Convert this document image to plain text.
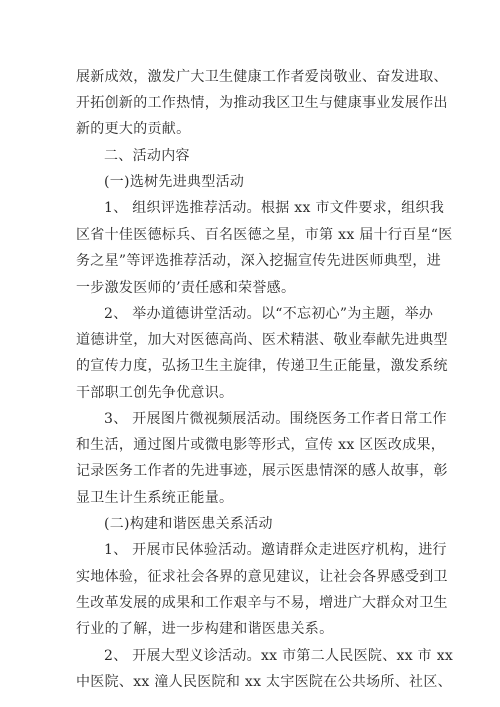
展新成效，激发广大卫生健康工作者爱岗敬业、奋发进取、
开拓创新的工作热情，为推动我区卫生与健康事业发展作出
新的更大的贡献。
二、活动内容
(一)选树先进典型活动
1、 组织评选推荐活动。根据 xx 市文件要求，组织我
区省十佳医德标兵、百名医德之星，市第 xx 届十行百星“医
务之星”等评选推荐活动，深入挖掘宣传先进医师典型，进
一步激发医师的’责任感和荣誉感。
2、 举办道德讲堂活动。以“不忘初心”为主题，举办
道德讲堂，加大对医德高尚、医术精湛、敬业奉献先进典型
的宣传力度，弘扬卫生主旋律，传递卫生正能量，激发系统
干部职工创先争优意识。
3、 开展图片微视频展活动。围绕医务工作者日常工作
和生活，通过图片或微电影等形式，宣传 xx 区医改成果，
记录医务工作者的先进事迹，展示医患情深的感人故事，彰
显卫生计生系统正能量。
(二)构建和谐医患关系活动
1、 开展市民体验活动。邀请群众走进医疗机构，进行
实地体验，征求社会各界的意见建议，让社会各界感受到卫
生改革发展的成果和工作艰辛与不易，增进广大群众对卫生
行业的了解，进一步构建和谐医患关系。
2、 开展大型义诊活动。xx 市第二人民医院、xx 市 xx
中医院、xx 潼人民医院和 xx 太宇医院在公共场所、社区、
